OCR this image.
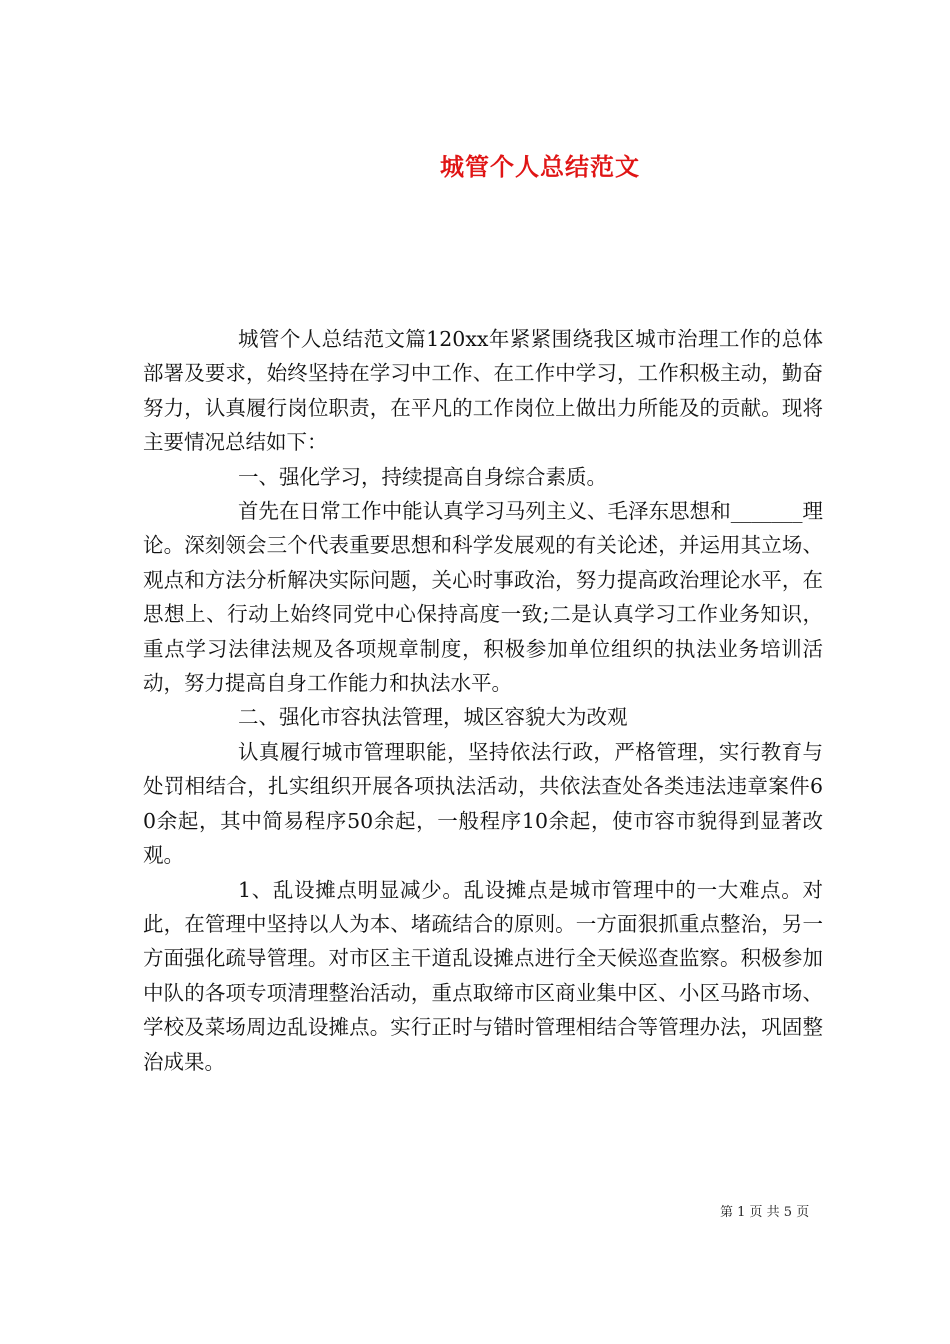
城管个人总结范文

城管个人总结范文篇120xx年紧紧围绕我区城市治理工作的总体部署及要求，始终坚持在学习中工作、在工作中学习，工作积极主动，勤奋努力，认真履行岗位职责，在平凡的工作岗位上做出力所能及的贡献。现将主要情况总结如下：

一、强化学习，持续提高自身综合素质。

首先在日常工作中能认真学习马列主义、毛泽东思想和_______理论。深刻领会三个代表重要思想和科学发展观的有关论述，并运用其立场、观点和方法分析解决实际问题，关心时事政治，努力提高政治理论水平，在思想上、行动上始终同党中心保持高度一致;二是认真学习工作业务知识，重点学习法律法规及各项规章制度，积极参加单位组织的执法业务培训活动，努力提高自身工作能力和执法水平。

二、强化市容执法管理，城区容貌大为改观

认真履行城市管理职能，坚持依法行政，严格管理，实行教育与处罚相结合，扎实组织开展各项执法活动，共依法查处各类违法违章案件60余起，其中简易程序50余起，一般程序10余起，使市容市貌得到显著改观。

1、乱设摊点明显减少。乱设摊点是城市管理中的一大难点。对此，在管理中坚持以人为本、堵疏结合的原则。一方面狠抓重点整治，另一方面强化疏导管理。对市区主干道乱设摊点进行全天候巡查监察。积极参加中队的各项专项清理整治活动，重点取缔市区商业集中区、小区马路市场、学校及菜场周边乱设摊点。实行正时与错时管理相结合等管理办法，巩固整治成果。

第 1 页 共 5 页
